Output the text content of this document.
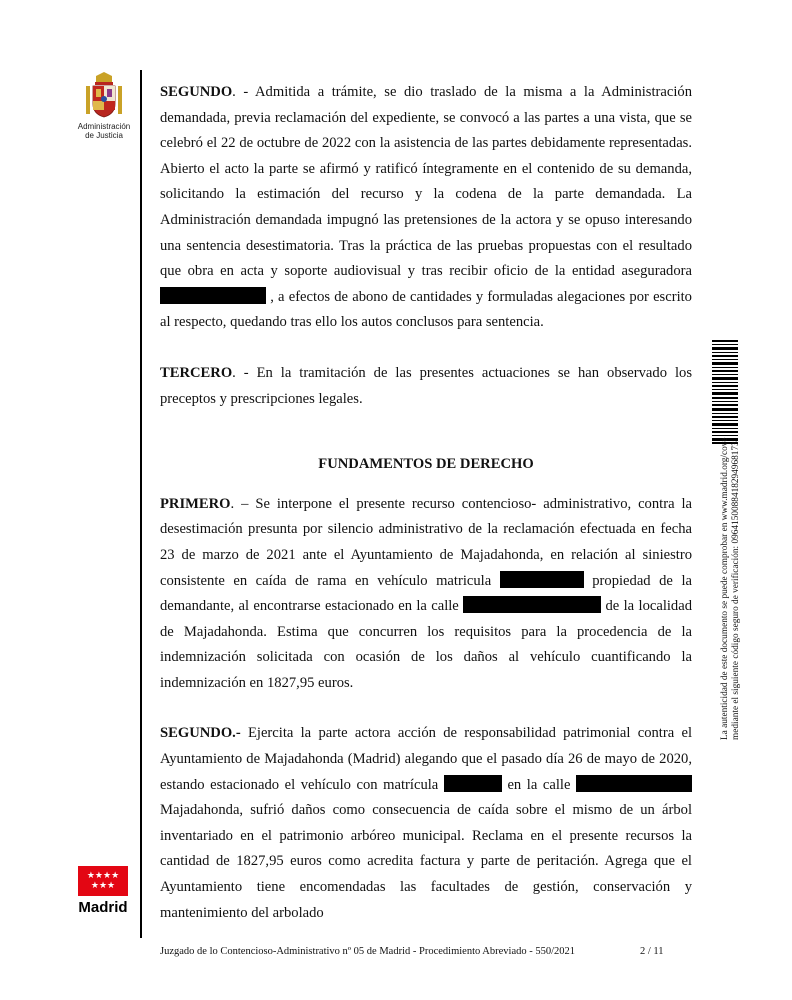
Administración
de Justicia
★★★★ ★★★
Madrid

SEGUNDO. - Admitida a trámite, se dio traslado de la misma a la Administración demandada, previa reclamación del expediente, se convocó a las partes a una vista, que se celebró el 22 de octubre de 2022 con la asistencia de las partes debidamente representadas. Abierto el acto la parte se afirmó y ratificó íntegramente en el contenido de su demanda, solicitando la estimación del recurso y la codena de la parte demandada. La Administración demandada impugnó las pretensiones de la actora y se opuso interesando una sentencia desestimatoria. Tras la práctica de las pruebas propuestas con el resultado que obra en acta y soporte audiovisual y tras recibir oficio de la entidad aseguradora  , a efectos de abono de cantidades y formuladas alegaciones por escrito al respecto, quedando tras ello los autos conclusos para sentencia.

TERCERO. - En la tramitación de las presentes actuaciones se han observado los preceptos y prescripciones legales.

FUNDAMENTOS DE DERECHO

PRIMERO. – Se interpone el presente recurso contencioso- administrativo, contra la desestimación presunta por silencio administrativo de la reclamación efectuada en fecha 23 de marzo de 2021 ante el Ayuntamiento de Majadahonda, en relación al siniestro consistente en caída de rama en vehículo matricula	propiedad de la demandante, al encontrarse estacionado en la calle	de la localidad de Majadahonda. Estima que concurren los requisitos para la procedencia de la indemnización solicitada con ocasión de los daños al vehículo cuantificando la indemnización en 1827,95 euros.

SEGUNDO.- Ejercita la parte actora acción de responsabilidad patrimonial contra el Ayuntamiento de Majadahonda (Madrid) alegando que el pasado día 26 de mayo de 2020, estando estacionado el vehículo con matrícula	en la calle  Majadahonda, sufrió daños como consecuencia de caída sobre el mismo de un árbol inventariado en el patrimonio arbóreo municipal. Reclama en el presente recursos la cantidad de 1827,95 euros como acredita factura y parte de peritación. Agrega que el Ayuntamiento tiene encomendadas las facultades de gestión, conservación y mantenimiento del arbolado

La autenticidad de este documento se puede comprobar en www.madrid.org/cove mediante el siguiente código seguro de verificación: 0964150088418294968173
Juzgado de lo Contencioso-Administrativo nº 05 de Madrid - Procedimiento Abreviado - 550/2021	2 / 11
